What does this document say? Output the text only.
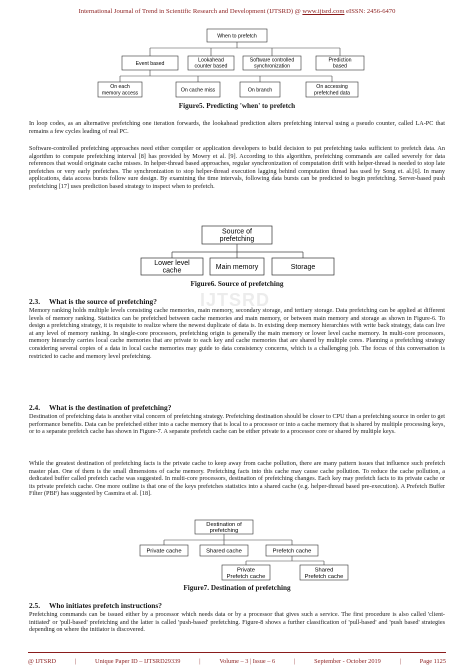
International Journal of Trend in Scientific Research and Development (IJTSRD) @ www.ijtsrd.com eISSN: 2456-6470
IJTSRD
When to prefetch
Event based
Lookahead
counter based
Software controlled
synchronization
Prediction
based
On each
memory access	On cache miss	On branch
On accessing
prefetched data
Figure5. Predicting 'when' to prefetch
In loop codes, as an alternative prefetching one iteration forwards, the lookahead prediction alters prefetching interval using a pseudo counter, called LA-PC that remains a few cycles leading of real PC.
Software-controlled prefetching approaches need either compiler or application developers to build decision to put prefetching tasks sufficient to prefetch data. An algorithm to compute prefetching interval [8] has provided by Mowry et al. [9]. According to this algorithm, prefetching commands are called severely for data references that would originate cache misses. In helper-thread based approaches, regular synchronization of computation drift with helper-thread is needed to stop late prefetches or very early prefetches. The synchronization to stop helper-thread execution lagging behind computation thread has used by Song et. al.[6]. In many applications, data access bursts follow sure design. By examining the time intervals, following data bursts can be predicted to begin prefetching. Server-based push prefetching [17] uses prediction based strategy to inspect when to prefetch.
Source of
prefetching
Lower level
cache	Main memory	Storage
Figure6. Source of prefetching
2.3. What is the source of prefetching?
Memory ranking holds multiple levels consisting cache memories, main memory, secondary storage, and tertiary storage. Data prefetching can be applied at different levels of memory ranking. Statistics can be prefetched between cache memories and main memory, or between main memory and storage as shown in Figure-6. To design a prefetching strategy, it is requisite to realize where the newest duplicate of data is. In existing deep memory hierarchies with write back strategy, data can live at any level of memory ranking. In single-core processors, prefetching origin is generally the main memory or lower level cache memory. In multi-core processors, memory hierarchy carries local cache memories that are private to each key and cache memories that are shared by multiple cores. Planning a prefetching strategy considering several copies of a data in local cache memories may guide to data consistency concerns, which is a challenging job. The focus of this conversation is restricted to cache and memory level prefetching.
2.4. What is the destination of prefetching?
Destination of prefetching data is another vital concern of prefetching strategy. Prefetching destination should be closer to CPU than a prefetching source in order to get performance benefits. Data can be prefetched either into a cache memory that is local to a processor or into a cache memory that is shared by multiple processing keys, or to a separate prefetch cache has shown in Figure-7. A separate prefetch cache can be either private to a processor core or shared by multiple keys.
While the greatest destination of prefetching facts is the private cache to keep away from cache pollution, there are many pattern issues that influence such prefetch master plan. One of them is the small dimensions of cache memory. Prefetching facts into this cache may cause cache pollution. To reduce the cache pollution, a dedicated buffer called prefetch cache was suggested. In multi-core processors, destination of prefetching changes. Each key may prefetch facts to its private cache or its private prefetch cache. One more outline is that one of the keys prefetches statistics into a shared cache (e.g. helper-thread based pre-execution). A Prefetch Buffer Filter (PBF) has suggested by Casmira et al. [18].
Destination of
prefetching
Private cache	Shared cache	Prefetch cache
Private
Prefetch cache
Shared
Prefetch cache
Figure7. Destination of prefetching
2.5. Who initiates prefetch instructions?
Prefetching commands can be issued either by a processor which needs data or by a processor that gives such a service. The first procedure is also called 'client-initiated' or 'pull-based' prefetching and the latter is called 'push-based' prefetching. Figure-8 shows a further classification of 'pull-based' and 'push based' strategies depending on where the initiator is discovered.
@ IJTSRD	|	Unique Paper ID – IJTSRD29339	|	Volume – 3 | Issue – 6	|	September - October 2019	|	Page 1125
